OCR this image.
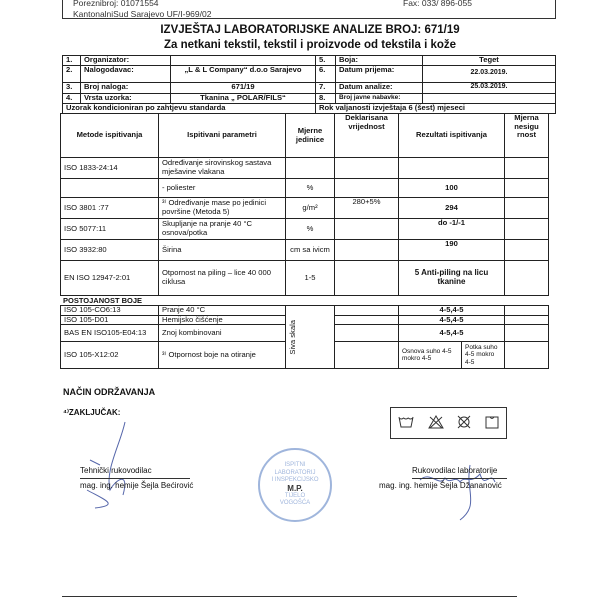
Poreznibroj: 01071554	Fax: 033/ 896-055
KantonalniSud Sarajevo UF/I-969/02
IZVJEŠTAJ LABORATORIJSKE ANALIZE BROJ: 671/19
Za netkani tekstil, tekstil i proizvode od tekstila i kože
1.	Organizator:		5.	Boja:	Teget
2.	Nalogodavac:	„L & L Company“ d.o.o Sarajevo	6.	Datum prijema:	22.03.2019.
3.	Broj naloga:	671/19	7.	Datum analize:	25.03.2019.
4.	Vrsta uzorka:	Tkanina „ POLAR/FILS“	8.	Broj javne nabavke:	
Uzorak kondicioniran po zahtjevu standarda			Rok valjanosti izvještaja 6 (šest) mjeseci		
Metode ispitivanja	Ispitivani parametri	Mjerne jedinice	Deklarisana vrijednost	Rezultati ispitivanja	Mjerna nesigu rnost
ISO 1833-24:14	Određivanje sirovinskog sastava mješavine vlakana				
	- poliester	%		100	
ISO 3801 :77	³⁾ Određivanje mase po jedinici površine (Metoda 5)	g/m²	280+5%	294	
ISO 5077:11	Skupljanje na pranje 40 °C osnova/potka	%		do -1/-1	
ISO 3932:80	Širina	cm sa ivicm		190	
EN ISO 12947-2:01	Otpornost na piling – lice 40 000 ciklusa	1-5		5 Anti-piling na licu tkanine	
POSTOJANOST BOJE
ISO 105-CO6:13	Pranje 40 °C	Siva skala		4-5,4-5		
ISO 105-D01	Hemijsko čišćenje			4-5,4-5		
BAS EN ISO105-E04:13	Znoj kombinovani			4-5,4-5		
ISO 105-X12:02	³⁾ Otpornost boje na otiranje			Osnova suho 4-5 mokro 4-5	Potka suho 4-5 mokro 4-5	
NAČIN ODRŽAVANJA
⁴⁾ZAKLJUČAK:
Tehnički rukovodilac
mag. ing. hemije Šejla Bećirović
ISPITNI
LABORATORIJ
I INSPEKCIJSKO
M.P.
TIJELO
VOGOŠĆA
Rukovodilac laboratorije
mag. ing. hemije Šejla Džananović
